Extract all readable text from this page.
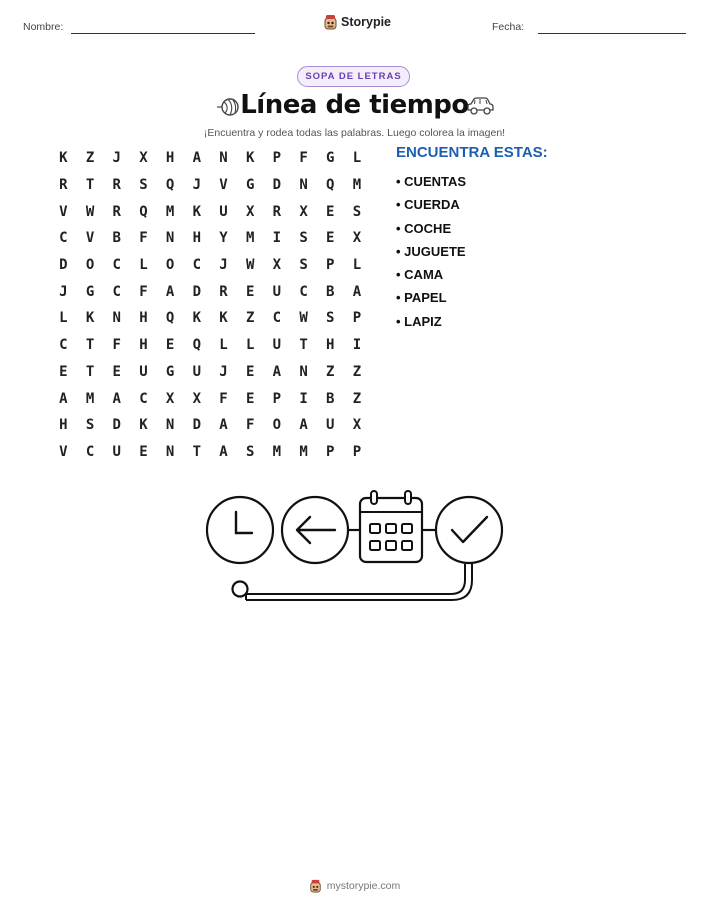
Nombre:	Storypie	Fecha:
SOPA DE LETRAS
Línea de tiempo
¡Encuentra y rodea todas las palabras. Luego colorea la imagen!
K	Z	J	X	H	A	N	K	P	F	G	L
R	T	R	S	Q	J	V	G	D	N	Q	M
V	W	R	Q	M	K	U	X	R	X	E	S
C	V	B	F	N	H	Y	M	I	S	E	X
D	O	C	L	O	C	J	W	X	S	P	L
J	G	C	F	A	D	R	E	U	C	B	A
L	K	N	H	Q	K	K	Z	C	W	S	P
C	T	F	H	E	Q	L	L	U	T	H	I
E	T	E	U	G	U	J	E	A	N	Z	Z
A	M	A	C	X	X	F	E	P	I	B	Z
H	S	D	K	N	D	A	F	O	A	U	X
V	C	U	E	N	T	A	S	M	M	P	P
ENCUENTRA ESTAS:
• CUENTAS
• CUERDA
• COCHE
• JUGUETE
• CAMA
• PAPEL
• LAPIZ
mystorypie.com
